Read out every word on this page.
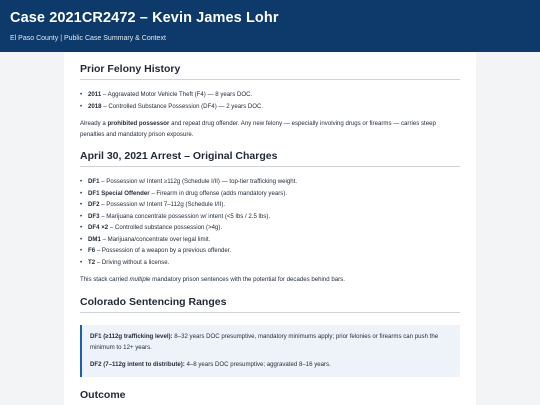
Case 2021CR2472 – Kevin James Lohr
El Paso County | Public Case Summary & Context
Prior Felony History
• 2011 – Aggravated Motor Vehicle Theft (F4) — 8 years DOC.
• 2018 – Controlled Substance Possession (DF4) — 2 years DOC.

Already a prohibited possessor and repeat drug offender. Any new felony — especially involving drugs or firearms — carries steep penalties and mandatory prison exposure.

April 30, 2021 Arrest – Original Charges
• DF1 – Possession w/ Intent ≥112g (Schedule I/II) — top-tier trafficking weight.
• DF1 Special Offender – Firearm in drug offense (adds mandatory years).
• DF2 – Possession w/ Intent 7–112g (Schedule I/II).
• DF3 – Marijuana concentrate possession w/ intent (<5 lbs / 2.5 lbs).
• DF4 ×2 – Controlled substance possession (>4g).
• DM1 – Marijuana/concentrate over legal limit.
• F6 – Possession of a weapon by a previous offender.
• T2 – Driving without a license.

This stack carried multiple mandatory prison sentences with the potential for decades behind bars.

Colorado Sentencing Ranges

DF1 (≥112g trafficking level): 8–32 years DOC presumptive, mandatory minimums apply; prior felonies or firearms can push the minimum to 12+ years.

DF2 (7–112g intent to distribute): 4–8 years DOC presumptive; aggravated 8–16 years.

Outcome
